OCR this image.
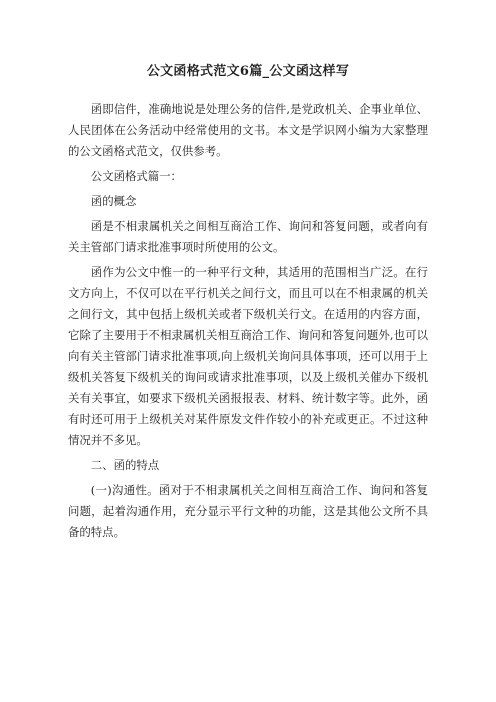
公文函格式范文6篇_公文函这样写

函即信件，准确地说是处理公务的信件,是党政机关、企事业单位、人民团体在公务活动中经常使用的文书。本文是学识网小编为大家整理的公文函格式范文，仅供参考。

公文函格式篇一：

函的概念

函是不相隶属机关之间相互商洽工作、询问和答复问题，或者向有关主管部门请求批准事项时所使用的公文。

函作为公文中惟一的一种平行文种，其适用的范围相当广泛。在行文方向上，不仅可以在平行机关之间行文，而且可以在不相隶属的机关之间行文，其中包括上级机关或者下级机关行文。在适用的内容方面，它除了主要用于不相隶属机关相互商洽工作、询问和答复问题外,也可以向有关主管部门请求批准事项,向上级机关询问具体事项，还可以用于上级机关答复下级机关的询问或请求批准事项，以及上级机关催办下级机关有关事宜，如要求下级机关函报报表、材料、统计数字等。此外，函有时还可用于上级机关对某件原发文件作较小的补充或更正。不过这种情况并不多见。

二、函的特点

(一)沟通性。函对于不相隶属机关之间相互商洽工作、询问和答复问题，起着沟通作用，充分显示平行文种的功能，这是其他公文所不具备的特点。
